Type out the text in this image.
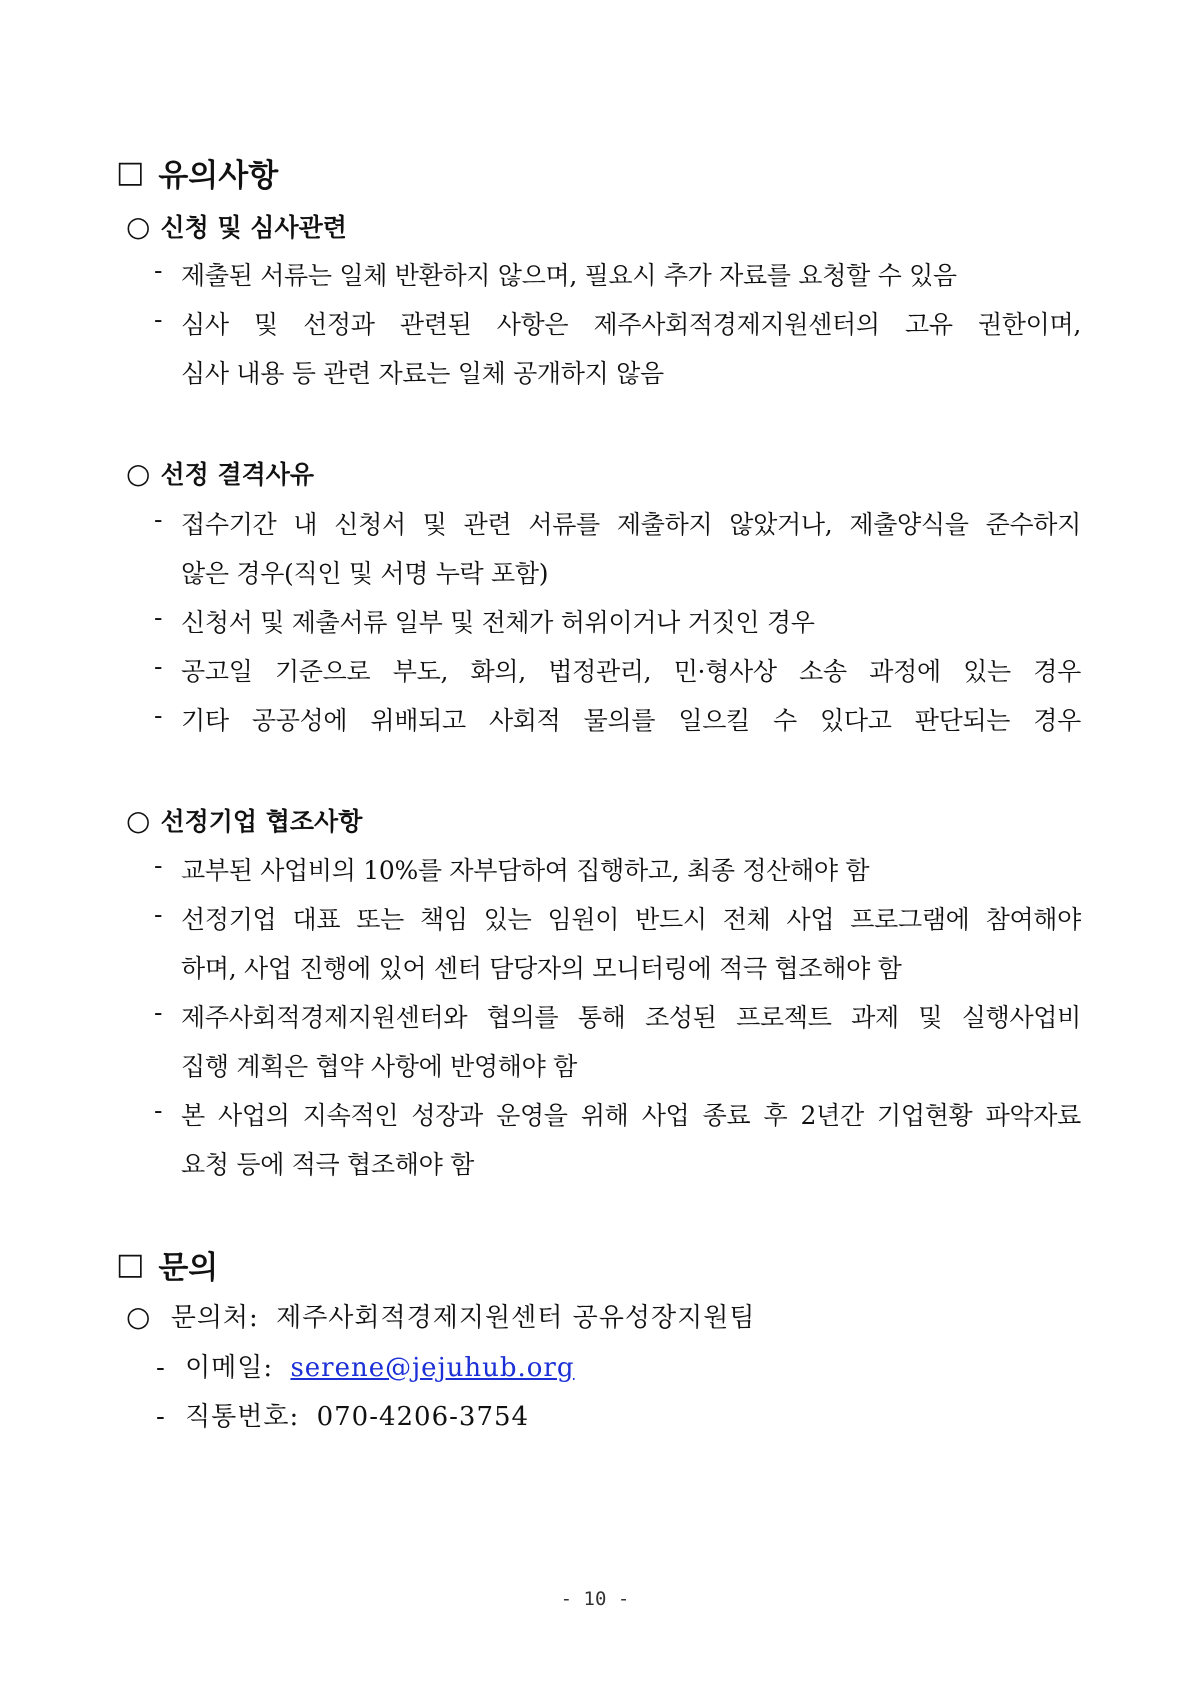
□ 유의사항
○ 신청 및 심사관련
- 제출된 서류는 일체 반환하지 않으며, 필요시 추가 자료를 요청할 수 있음
- 심사 및 선정과 관련된 사항은 제주사회적경제지원센터의 고유 권한이며,
심사 내용 등 관련 자료는 일체 공개하지 않음
○ 선정 결격사유
- 접수기간 내 신청서 및 관련 서류를 제출하지 않았거나, 제출양식을 준수하지
않은 경우(직인 및 서명 누락 포함)
- 신청서 및 제출서류 일부 및 전체가 허위이거나 거짓인 경우
- 공고일 기준으로 부도, 화의, 법정관리, 민·형사상 소송 과정에 있는 경우
- 기타 공공성에 위배되고 사회적 물의를 일으킬 수 있다고 판단되는 경우
○ 선정기업 협조사항
- 교부된 사업비의 10%를 자부담하여 집행하고, 최종 정산해야 함
- 선정기업 대표 또는 책임 있는 임원이 반드시 전체 사업 프로그램에 참여해야
하며, 사업 진행에 있어 센터 담당자의 모니터링에 적극 협조해야 함
- 제주사회적경제지원센터와 협의를 통해 조성된 프로젝트 과제 및 실행사업비
집행 계획은 협약 사항에 반영해야 함
- 본 사업의 지속적인 성장과 운영을 위해 사업 종료 후 2년간 기업현황 파악자료
요청 등에 적극 협조해야 함
□ 문의
○ 문의처: 제주사회적경제지원센터 공유성장지원팀
- 이메일: serene@jejuhub.org
- 직통번호: 070-4206-3754
- 10 -
